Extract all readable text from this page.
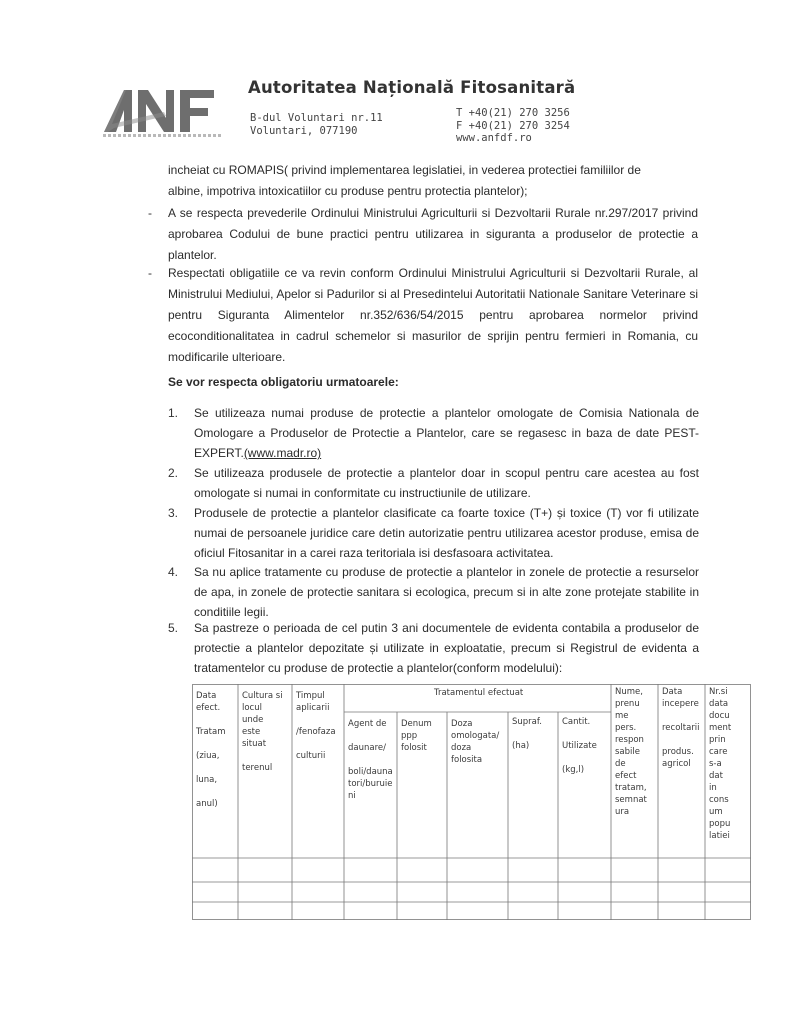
Autoritatea Națională Fitosanitară
B-dul Voluntari nr.11
Voluntari, 077190
T +40(21) 270 3256
F +40(21) 270 3254
www.anfdf.ro
incheiat cu ROMAPIS( privind implementarea legislatiei, in vederea protectiei familiilor de
albine, impotriva intoxicatiilor cu produse pentru protectia plantelor);
- A se respecta prevederile Ordinului Ministrului Agriculturii si Dezvoltarii Rurale nr.297/2017 privind aprobarea Codului de bune practici pentru utilizarea in siguranta a produselor de protectie a plantelor.
- Respectati obligatiile ce va revin conform Ordinului Ministrului Agriculturii si Dezvoltarii Rurale, al Ministrului Mediului, Apelor si Padurilor si al Presedintelui Autoritatii Nationale Sanitare Veterinare si pentru Siguranta Alimentelor nr.352/636/54/2015 pentru aprobarea normelor privind ecoconditionalitatea in cadrul schemelor si masurilor de sprijin pentru fermieri in Romania, cu modificarile ulterioare.
Se vor respecta obligatoriu urmatoarele:
1. Se utilizeaza numai produse de protectie a plantelor omologate de Comisia Nationala de Omologare a Produselor de Protectie a Plantelor, care se regasesc in baza de date PEST-EXPERT.(www.madr.ro)
2. Se utilizeaza produsele de protectie a plantelor doar in scopul pentru care acestea au fost omologate si numai in conformitate cu instructiunile de utilizare.
3. Produsele de protectie a plantelor clasificate ca foarte toxice (T+) și toxice (T) vor fi utilizate numai de persoanele juridice care detin autorizatie pentru utilizarea acestor produse, emisa de oficiul Fitosanitar in a carei raza teritoriala isi desfasoara activitatea.
4. Sa nu aplice tratamente cu produse de protectie a plantelor in zonele de protectie a resurselor de apa, in zonele de protectie sanitara si ecologica, precum si in alte zone protejate stabilite in conditiile legii.
5. Sa pastreze o perioada de cel putin 3 ani documentele de evidenta contabila a produselor de protectie a plantelor depozitate și utilizate in exploatatie, precum si Registrul de evidenta a tratamentelor cu produse de protectie a plantelor(conform modelului):
Tratamentul efectuat
Data
efect.

Tratam

(ziua,

luna,

anul)
Cultura si
locul
unde
este
situat

terenul
Timpul
aplicarii

/fenofaza

culturii
Agent de

daunare/

boli/dauna
tori/buruie
ni
Denum
ppp
folosit
Doza
omologata/
doza
folosita
Supraf.

(ha)
Cantit.

Utilizate

(kg,l)
Nume,
prenu
me
pers.
respon
sabile
de
efect
tratam,
semnat
ura
Data
incepere

recoltarii

produs.
agricol
Nr.si
data
docu
ment
prin
care
s-a
dat
in
cons
um
popu
latiei
